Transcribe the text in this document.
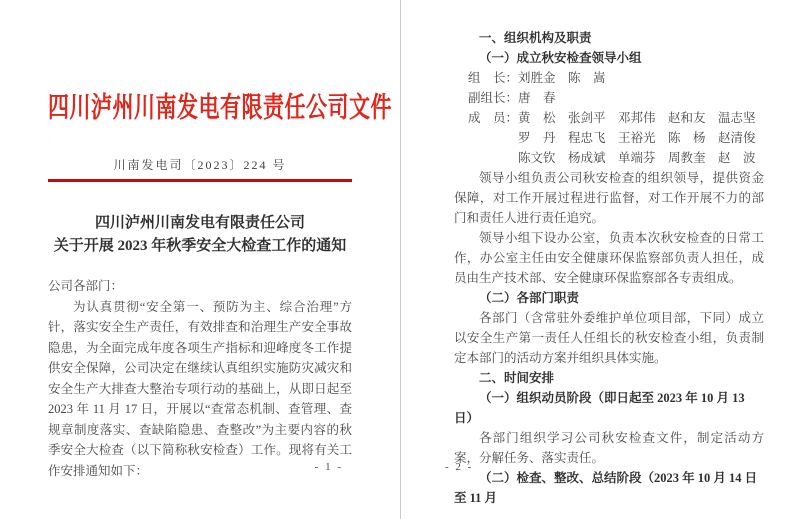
四川泸州川南发电有限责任公司文件
川南发电司〔2023〕224 号
四川泸州川南发电有限责任公司
关于开展 2023 年秋季安全大检查工作的通知

公司各部门：

为认真贯彻“安全第一、预防为主、综合治理”方针，落实安全生产责任，有效排查和治理生产安全事故隐患，为全面完成年度各项生产指标和迎峰度冬工作提供安全保障，公司决定在继续认真组织实施防灾减灾和安全生产大排查大整治专项行动的基础上，从即日起至 2023 年 11 月 17 日，开展以“查常态机制、查管理、查规章制度落实、查缺陷隐患、查整改”为主要内容的秋季安全大检查（以下简称秋安检查）工作。现将有关工作安排通知如下：	- 1 -

一、组织机构及职责

（一）成立秋安检查领导小组

组　长： 刘胜金　陈　嵩
副组长： 唐　春
成　员： 黄　松　张剑平　邓邦伟　赵和友　温志坚
罗　丹　程忠飞　王裕光　陈　杨　赵清俊
陈文钦　杨成斌　单端芬　周教奎　赵　波

领导小组负责公司秋安检查的组织领导，提供资金保障，对工作开展过程进行监督，对工作开展不力的部门和责任人进行责任追究。

领导小组下设办公室，负责本次秋安检查的日常工作，办公室主任由安全健康环保监察部负责人担任，成员由生产技术部、安全健康环保监察部各专责组成。

（二）各部门职责

各部门（含常驻外委维护单位项目部，下同）成立以安全生产第一责任人任组长的秋安检查小组，负责制定本部门的活动方案并组织具体实施。

二、时间安排

（一）组织动员阶段（即日起至 2023 年 10 月 13 日）

各部门组织学习公司秋安检查文件，制定活动方案，分解任务、落实责任。

（二）检查、整改、总结阶段（2023 年 10 月 14 日至 11 月

- 2 -
